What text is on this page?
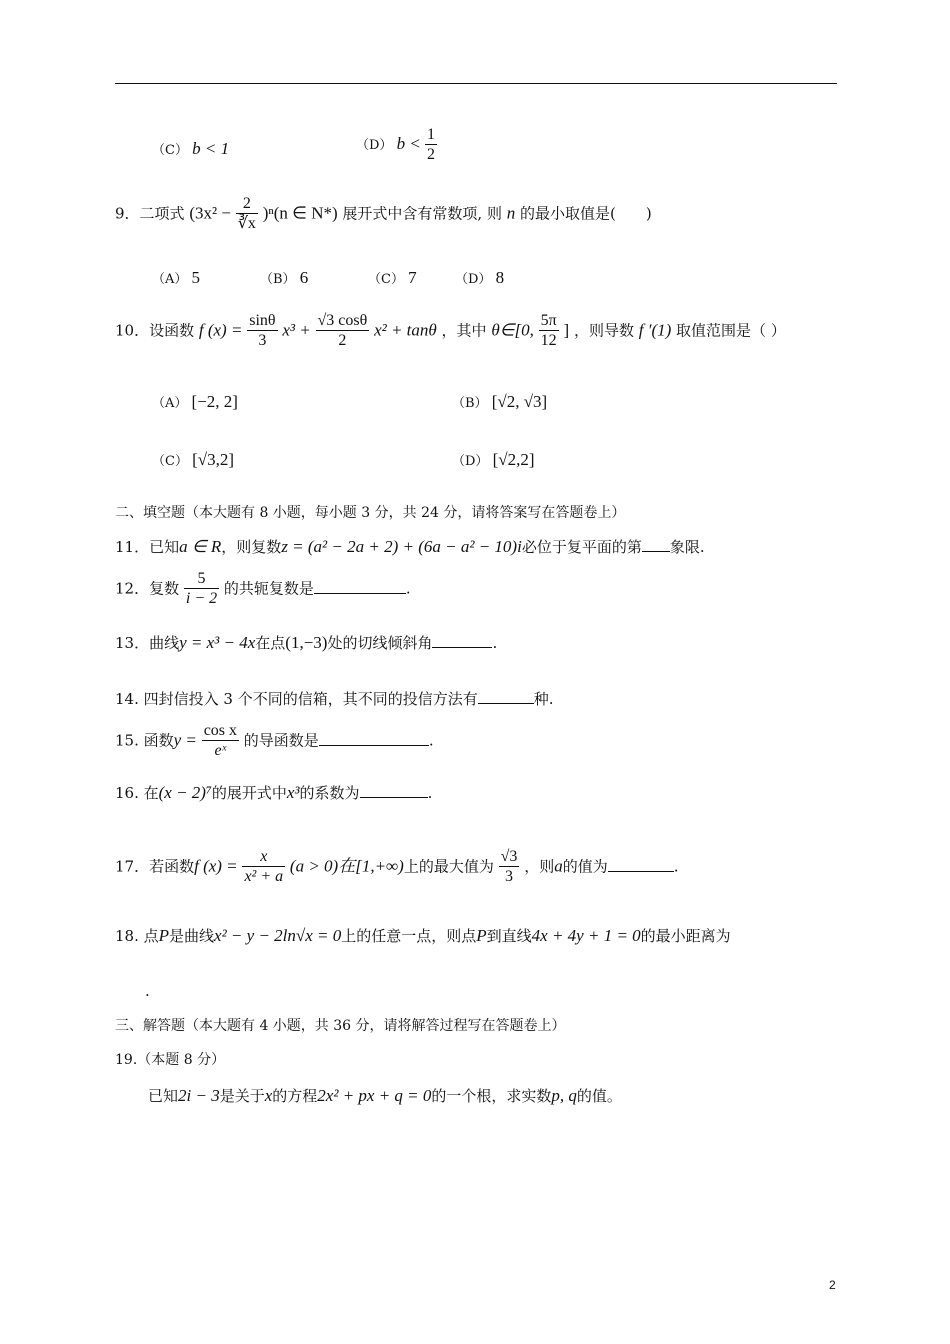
（C） b < 1	（D） $b < \frac{1}{2}$
9．二项式 $(3x^2 - \frac{2}{∛x} )^n(n$ ∈ N*) 展开式中含有常数项, 则 n 的最小取值是(　　)
（A） 5	（B） 6	（C） 7	（D） 8
10．设函数 f $(x) = \frac{\sin\theta}{3} x^3 + \frac{√3 \cos\theta}{2} x^2 + \tan\theta$ ，其中 θ∈[0, $\frac{5\pi}{12}$ ] ，则导数 f ′(1) 取值范围是（ ）
（A） [−2, 2]	（B） [√2, √3]
（C） [√3,2]	（D） [√2,2]
二、填空题（本大题有 8 小题，每小题 3 分，共 24 分，请将答案写在答题卷上）
11．已知a ∈ R，则复数z = (a² − 2a + 2) + (6a − a² − 10)i必位于复平面的第 象限.
12．复数 $\frac{5}{i - 2}$ 的共轭复数是	.
13．曲线y = x³ − 4x在点(1,−3)处的切线倾斜角	.
14. 四封信投入 3 个不同的信箱，其不同的投信方法有	种.
15. 函数$y = \frac{\text{cos x}}{\text{eˣ}}$ 的导函数是	.
16. 在(x − 2)⁷的展开式中x³的系数为	.
17．若函数f $(x) = \frac{x}{\text{x² + a}} (a > 0)$在[1,+∞)上的最大值为 $\frac{√3}{3}$ ，则a的值为	.
18. 点P是曲线x² − y − 2ln√x = 0上的任意一点，则点P到直线4x + 4y + 1 = 0的最小距离为
.
三、解答题（本大题有 4 小题，共 36 分，请将解答过程写在答题卷上）
19.（本题 8 分）
已知2i − 3是关于x的方程2x² + px + q = 0的一个根，求实数p, q的值。
2
